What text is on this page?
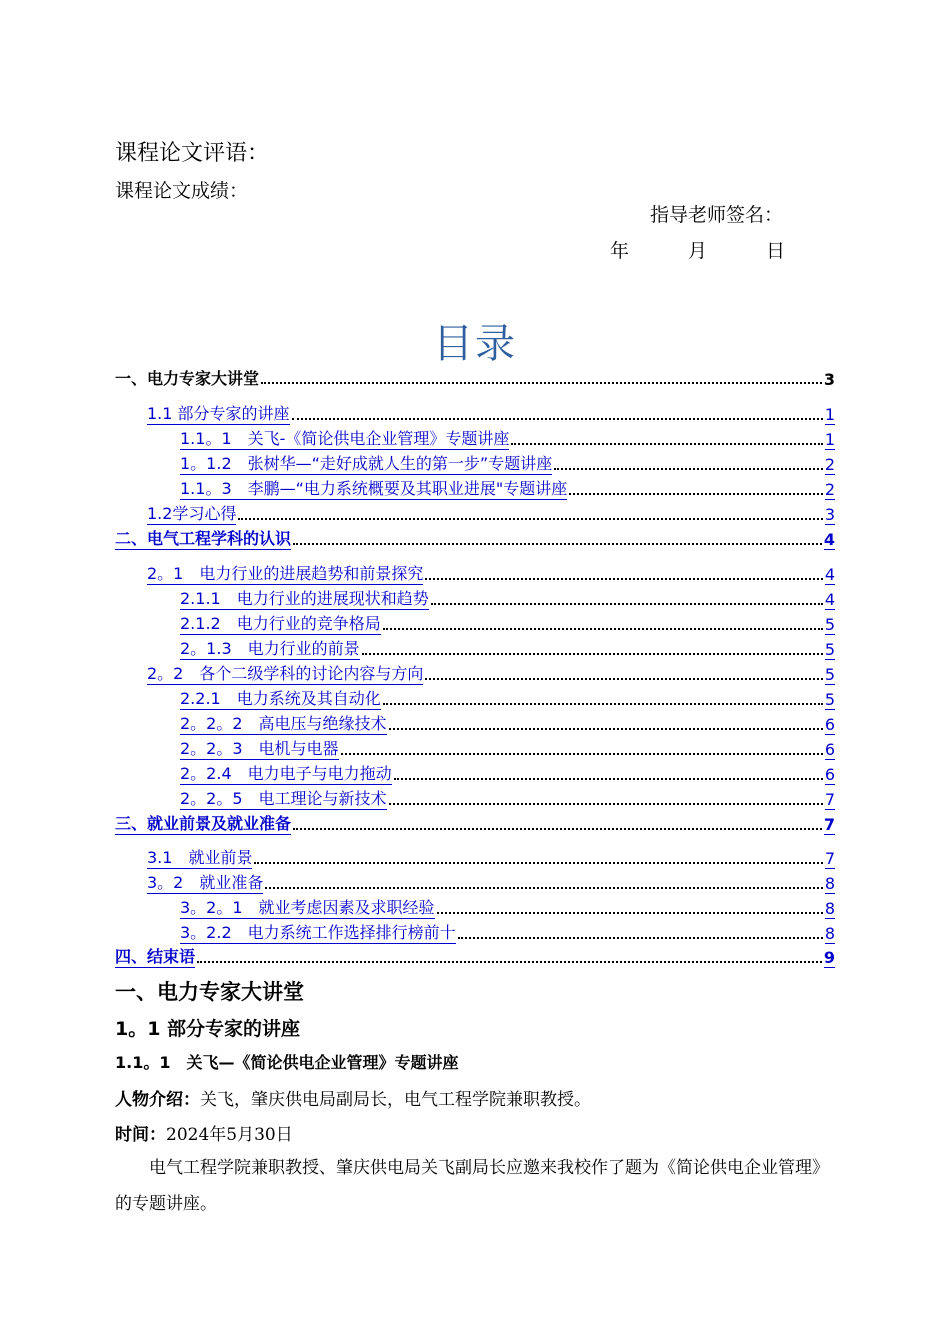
课程论文评语：
课程论文成绩：
指导老师签名：
年	月	日
目录
一、电力专家大讲堂	3
1.1 部分专家的讲座	1
1.1。1　关飞-《简论供电企业管理》专题讲座	1
1。1.2　张树华—“走好成就人生的第一步”专题讲座	2
1.1。3　李鹏—“电力系统概要及其职业进展"专题讲座	2
1.2学习心得	3
二、电气工程学科的认识	4
2。1　电力行业的进展趋势和前景探究	4
2.1.1　电力行业的进展现状和趋势	4
2.1.2　电力行业的竞争格局	5
2。1.3　电力行业的前景	5
2。2　各个二级学科的讨论内容与方向	5
2.2.1　电力系统及其自动化	5
2。2。2　高电压与绝缘技术	6
2。2。3　电机与电器	6
2。2.4　电力电子与电力拖动	6
2。2。5　电工理论与新技术	7
三、就业前景及就业准备	7
3.1　就业前景	7
3。2　就业准备	8
3。2。1　就业考虑因素及求职经验	8
3。2.2　电力系统工作选择排行榜前十	8
四、结束语	9
一、电力专家大讲堂
1。1 部分专家的讲座
1.1。1　关飞—《简论供电企业管理》专题讲座
人物介绍：关飞，肇庆供电局副局长，电气工程学院兼职教授。
时间：2024年5月30日
电气工程学院兼职教授、肇庆供电局关飞副局长应邀来我校作了题为《简论供电企业管理》的专题讲座。
